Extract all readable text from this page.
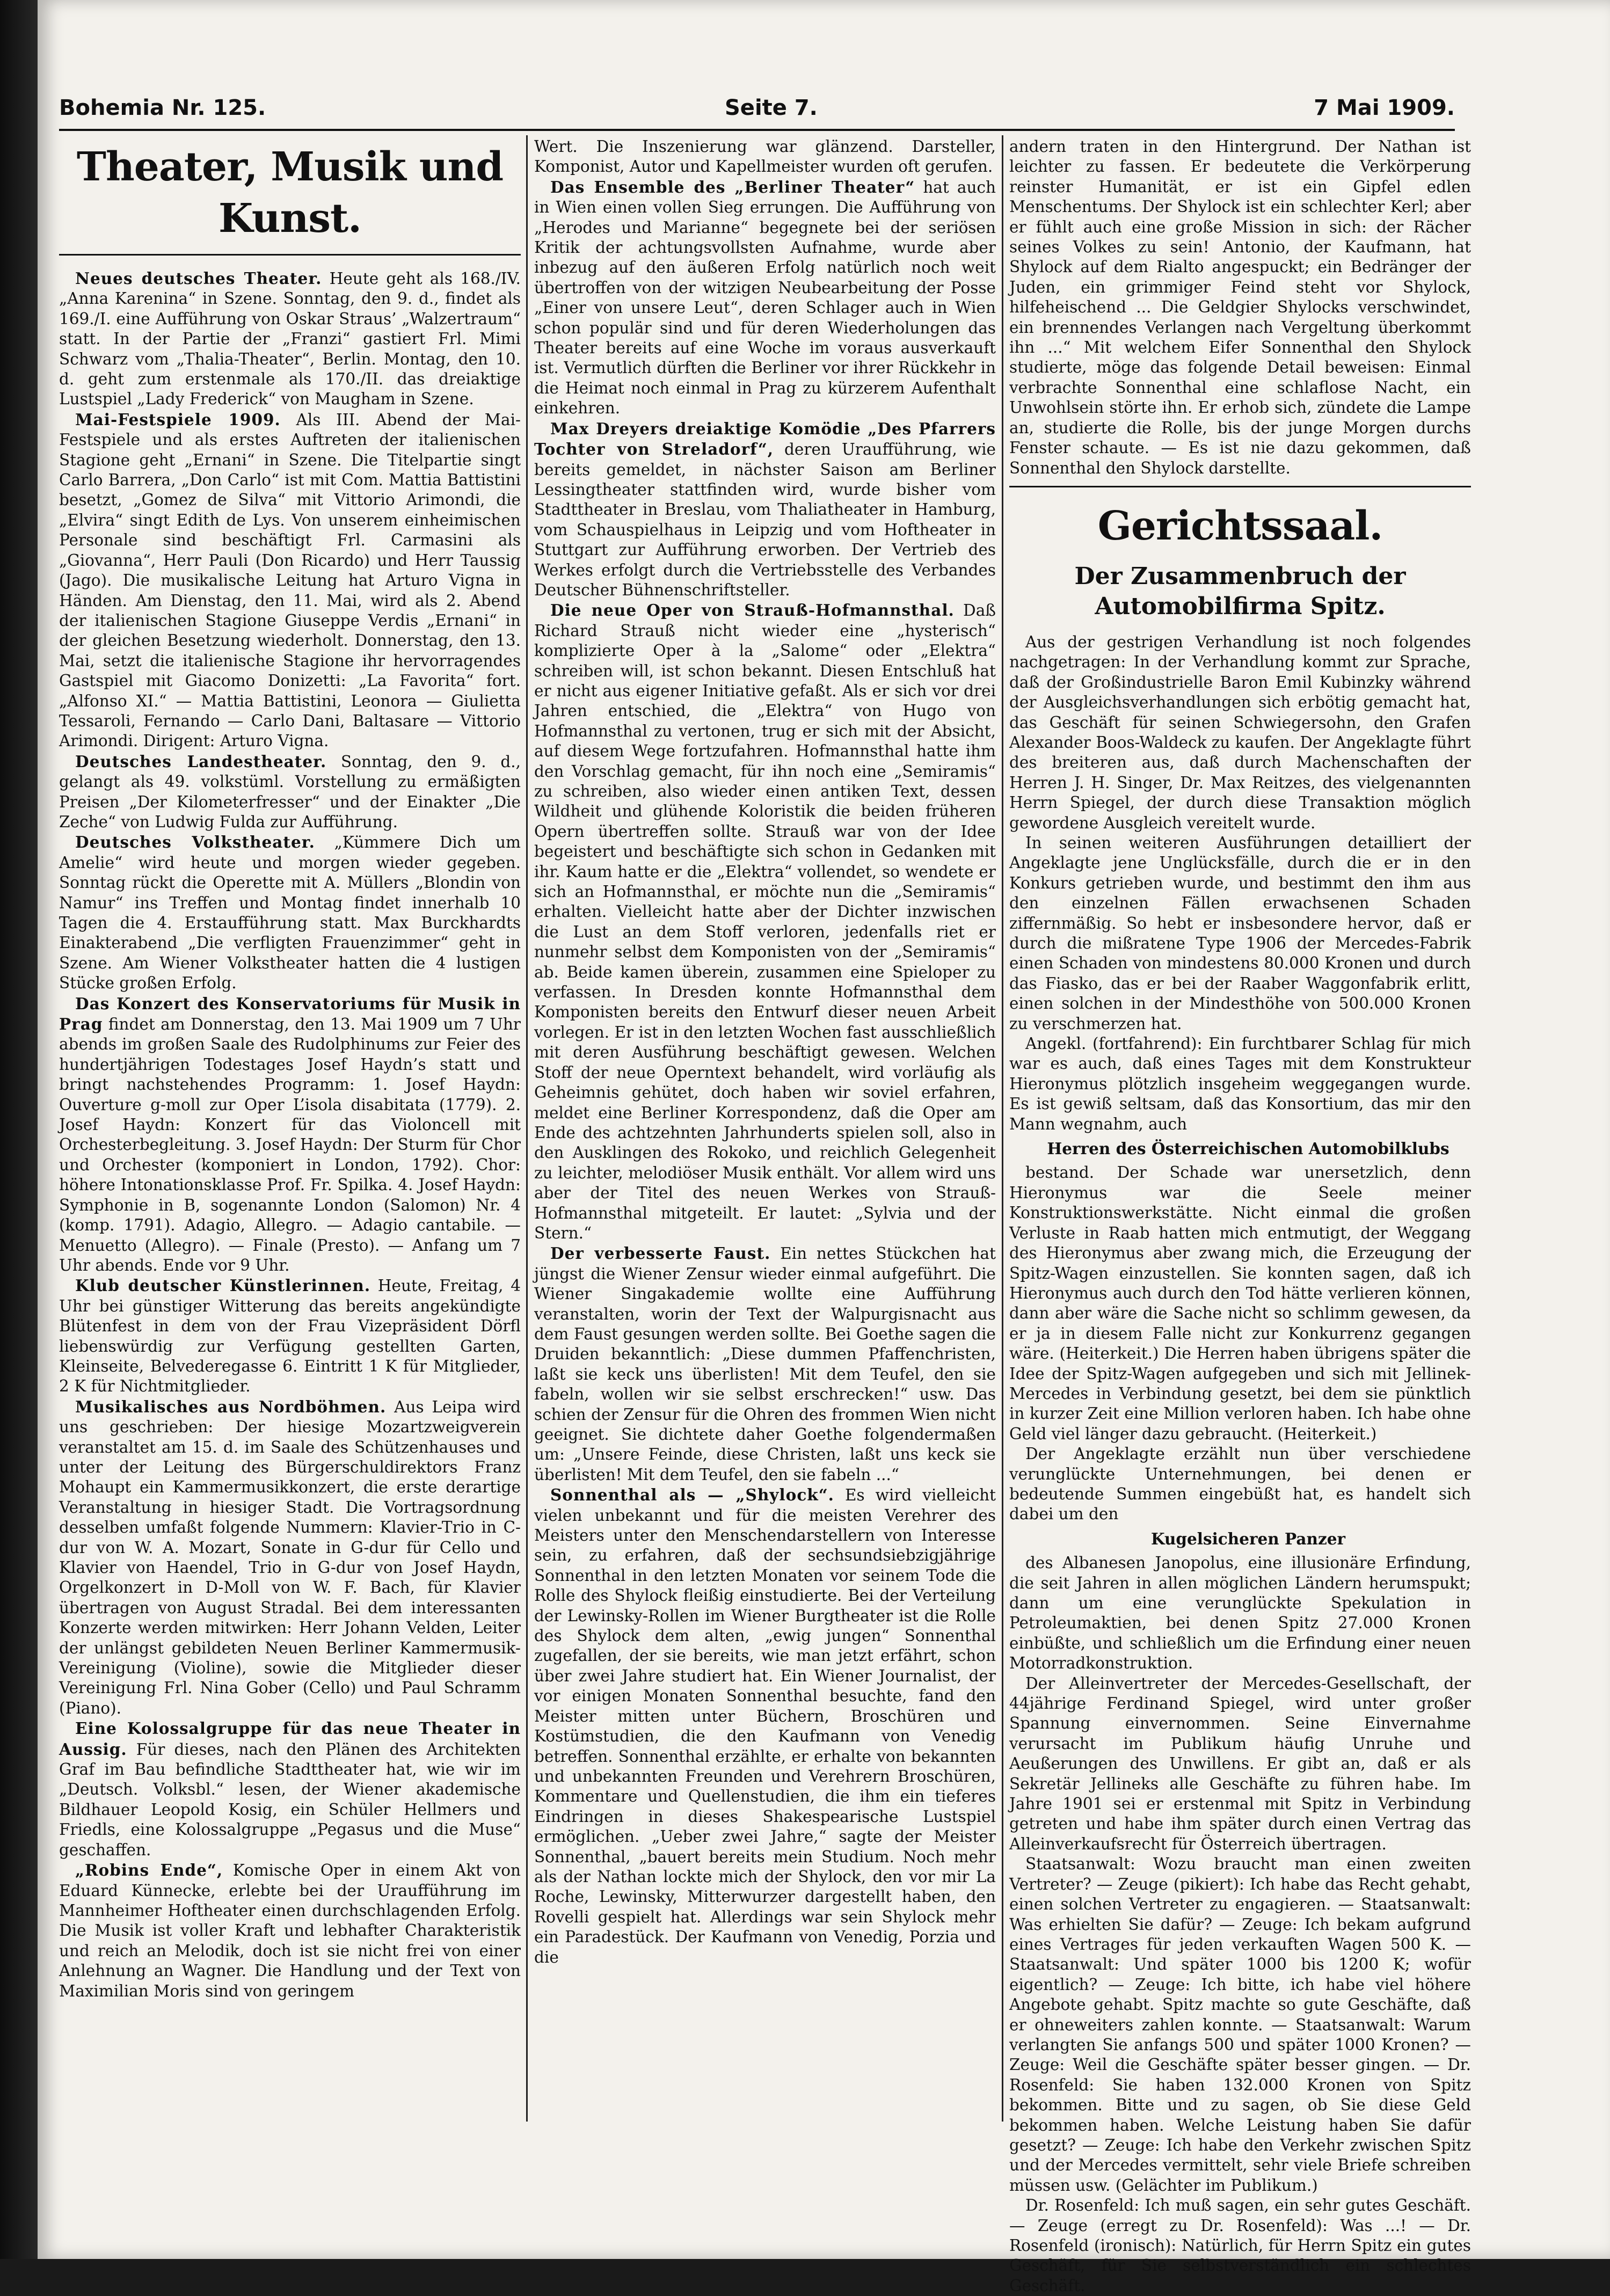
Bohemia Nr. 125.	Seite 7.	7 Mai 1909.
Theater, Musik und Kunst.

Neues deutsches Theater. Heute geht als 168./IV. „Anna Karenina“ in Szene. Sonntag, den 9. d., findet als 169./I. eine Aufführung von Oskar Straus’ „Walzertraum“ statt. In der Partie der „Franzi“ gastiert Frl. Mimi Schwarz vom „Thalia-Theater“, Berlin. Montag, den 10. d. geht zum erstenmale als 170./II. das dreiaktige Lustspiel „Lady Frederick“ von Maugham in Szene.

Mai-Festspiele 1909. Als III. Abend der Mai-Festspiele und als erstes Auftreten der italienischen Stagione geht „Ernani“ in Szene. Die Titelpartie singt Carlo Barrera, „Don Carlo“ ist mit Com. Mattia Battistini besetzt, „Gomez de Silva“ mit Vittorio Arimondi, die „Elvira“ singt Edith de Lys. Von unserem einheimischen Personale sind beschäftigt Frl. Carmasini als „Giovanna“, Herr Pauli (Don Ricardo) und Herr Taussig (Jago). Die musikalische Leitung hat Arturo Vigna in Händen. Am Dienstag, den 11. Mai, wird als 2. Abend der italienischen Stagione Giuseppe Verdis „Ernani“ in der gleichen Besetzung wiederholt. Donnerstag, den 13. Mai, setzt die italienische Stagione ihr hervorragendes Gastspiel mit Giacomo Donizetti: „La Favorita“ fort. „Alfonso XI.“ — Mattia Battistini, Leonora — Giulietta Tessaroli, Fernando — Carlo Dani, Baltasare — Vittorio Arimondi. Dirigent: Arturo Vigna.

Deutsches Landestheater. Sonntag, den 9. d., gelangt als 49. volkstüml. Vorstellung zu ermäßigten Preisen „Der Kilometerfresser“ und der Einakter „Die Zeche“ von Ludwig Fulda zur Aufführung.

Deutsches Volkstheater. „Kümmere Dich um Amelie“ wird heute und morgen wieder gegeben. Sonntag rückt die Operette mit A. Müllers „Blondin von Namur“ ins Treffen und Montag findet innerhalb 10 Tagen die 4. Erstaufführung statt. Max Burckhardts Einakterabend „Die verfligten Frauenzimmer“ geht in Szene. Am Wiener Volkstheater hatten die 4 lustigen Stücke großen Erfolg.

Das Konzert des Konservatoriums für Musik in Prag findet am Donnerstag, den 13. Mai 1909 um 7 Uhr abends im großen Saale des Rudolphinums zur Feier des hundertjährigen Todestages Josef Haydn’s statt und bringt nachstehendes Programm: 1. Josef Haydn: Ouverture g-moll zur Oper L’isola disabitata (1779). 2. Josef Haydn: Konzert für das Violoncell mit Orchesterbegleitung. 3. Josef Haydn: Der Sturm für Chor und Orchester (komponiert in London, 1792). Chor: höhere Intonationsklasse Prof. Fr. Spilka. 4. Josef Haydn: Symphonie in B, sogenannte London (Salomon) Nr. 4 (komp. 1791). Adagio, Allegro. — Adagio cantabile. — Menuetto (Allegro). — Finale (Presto). — Anfang um 7 Uhr abends. Ende vor 9 Uhr.

Klub deutscher Künstlerinnen. Heute, Freitag, 4 Uhr bei günstiger Witterung das bereits angekündigte Blütenfest in dem von der Frau Vizepräsident Dörfl liebenswürdig zur Verfügung gestellten Garten, Kleinseite, Belvederegasse 6. Eintritt 1 K für Mitglieder, 2 K für Nichtmitglieder.

Musikalisches aus Nordböhmen. Aus Leipa wird uns geschrieben: Der hiesige Mozartzweigverein veranstaltet am 15. d. im Saale des Schützenhauses und unter der Leitung des Bürgerschuldirektors Franz Mohaupt ein Kammermusikkonzert, die erste derartige Veranstaltung in hiesiger Stadt. Die Vortragsordnung desselben umfaßt folgende Nummern: Klavier-Trio in C-dur von W. A. Mozart, Sonate in G-dur für Cello und Klavier von Haendel, Trio in G-dur von Josef Haydn, Orgelkonzert in D-Moll von W. F. Bach, für Klavier übertragen von August Stradal. Bei dem interessanten Konzerte werden mitwirken: Herr Johann Velden, Leiter der unlängst gebildeten Neuen Berliner Kammermusik-Vereinigung (Violine), sowie die Mitglieder dieser Vereinigung Frl. Nina Gober (Cello) und Paul Schramm (Piano).

Eine Kolossalgruppe für das neue Theater in Aussig. Für dieses, nach den Plänen des Architekten Graf im Bau befindliche Stadttheater hat, wie wir im „Deutsch. Volksbl.“ lesen, der Wiener akademische Bildhauer Leopold Kosig, ein Schüler Hellmers und Friedls, eine Kolossalgruppe „Pegasus und die Muse“ geschaffen.

„Robins Ende“, Komische Oper in einem Akt von Eduard Künnecke, erlebte bei der Uraufführung im Mannheimer Hoftheater einen durchschlagenden Erfolg. Die Musik ist voller Kraft und lebhafter Charakteristik und reich an Melodik, doch ist sie nicht frei von einer Anlehnung an Wagner. Die Handlung und der Text von Maximilian Moris sind von geringem

Wert. Die Inszenierung war glänzend. Darsteller, Komponist, Autor und Kapellmeister wurden oft gerufen.

Das Ensemble des „Berliner Theater“ hat auch in Wien einen vollen Sieg errungen. Die Aufführung von „Herodes und Marianne“ begegnete bei der seriösen Kritik der achtungsvollsten Aufnahme, wurde aber inbezug auf den äußeren Erfolg natürlich noch weit übertroffen von der witzigen Neubearbeitung der Posse „Einer von unsere Leut“, deren Schlager auch in Wien schon populär sind und für deren Wiederholungen das Theater bereits auf eine Woche im voraus ausverkauft ist. Vermutlich dürften die Berliner vor ihrer Rückkehr in die Heimat noch einmal in Prag zu kürzerem Aufenthalt einkehren.

Max Dreyers dreiaktige Komödie „Des Pfarrers Tochter von Streladorf“, deren Uraufführung, wie bereits gemeldet, in nächster Saison am Berliner Lessingtheater stattfinden wird, wurde bisher vom Stadttheater in Breslau, vom Thaliatheater in Hamburg, vom Schauspielhaus in Leipzig und vom Hoftheater in Stuttgart zur Aufführung erworben. Der Vertrieb des Werkes erfolgt durch die Vertriebsstelle des Verbandes Deutscher Bühnenschriftsteller.

Die neue Oper von Strauß-Hofmannsthal. Daß Richard Strauß nicht wieder eine „hysterisch“ komplizierte Oper à la „Salome“ oder „Elektra“ schreiben will, ist schon bekannt. Diesen Entschluß hat er nicht aus eigener Initiative gefaßt. Als er sich vor drei Jahren entschied, die „Elektra“ von Hugo von Hofmannsthal zu vertonen, trug er sich mit der Absicht, auf diesem Wege fortzufahren. Hofmannsthal hatte ihm den Vorschlag gemacht, für ihn noch eine „Semiramis“ zu schreiben, also wieder einen antiken Text, dessen Wildheit und glühende Koloristik die beiden früheren Opern übertreffen sollte. Strauß war von der Idee begeistert und beschäftigte sich schon in Gedanken mit ihr. Kaum hatte er die „Elektra“ vollendet, so wendete er sich an Hofmannsthal, er möchte nun die „Semiramis“ erhalten. Vielleicht hatte aber der Dichter inzwischen die Lust an dem Stoff verloren, jedenfalls riet er nunmehr selbst dem Komponisten von der „Semiramis“ ab. Beide kamen überein, zusammen eine Spieloper zu verfassen. In Dresden konnte Hofmannsthal dem Komponisten bereits den Entwurf dieser neuen Arbeit vorlegen. Er ist in den letzten Wochen fast ausschließlich mit deren Ausführung beschäftigt gewesen. Welchen Stoff der neue Operntext behandelt, wird vorläufig als Geheimnis gehütet, doch haben wir soviel erfahren, meldet eine Berliner Korrespondenz, daß die Oper am Ende des achtzehnten Jahrhunderts spielen soll, also in den Ausklingen des Rokoko, und reichlich Gelegenheit zu leichter, melodiöser Musik enthält. Vor allem wird uns aber der Titel des neuen Werkes von Strauß-Hofmannsthal mitgeteilt. Er lautet: „Sylvia und der Stern.“

Der verbesserte Faust. Ein nettes Stückchen hat jüngst die Wiener Zensur wieder einmal aufgeführt. Die Wiener Singakademie wollte eine Aufführung veranstalten, worin der Text der Walpurgisnacht aus dem Faust gesungen werden sollte. Bei Goethe sagen die Druiden bekanntlich: „Diese dummen Pfaffenchristen, laßt sie keck uns überlisten! Mit dem Teufel, den sie fabeln, wollen wir sie selbst erschrecken!“ usw. Das schien der Zensur für die Ohren des frommen Wien nicht geeignet. Sie dichtete daher Goethe folgendermaßen um: „Unsere Feinde, diese Christen, laßt uns keck sie überlisten! Mit dem Teufel, den sie fabeln ...“

Sonnenthal als — „Shylock“. Es wird vielleicht vielen unbekannt und für die meisten Verehrer des Meisters unter den Menschendarstellern von Interesse sein, zu erfahren, daß der sechsundsiebzigjährige Sonnenthal in den letzten Monaten vor seinem Tode die Rolle des Shylock fleißig einstudierte. Bei der Verteilung der Lewinsky-Rollen im Wiener Burgtheater ist die Rolle des Shylock dem alten, „ewig jungen“ Sonnenthal zugefallen, der sie bereits, wie man jetzt erfährt, schon über zwei Jahre studiert hat. Ein Wiener Journalist, der vor einigen Monaten Sonnenthal besuchte, fand den Meister mitten unter Büchern, Broschüren und Kostümstudien, die den Kaufmann von Venedig betreffen. Sonnenthal erzählte, er erhalte von bekannten und unbekannten Freunden und Verehrern Broschüren, Kommentare und Quellenstudien, die ihm ein tieferes Eindringen in dieses Shakespearische Lustspiel ermöglichen. „Ueber zwei Jahre,“ sagte der Meister Sonnenthal, „bauert bereits mein Studium. Noch mehr als der Nathan lockte mich der Shylock, den vor mir La Roche, Lewinsky, Mitterwurzer dargestellt haben, den Rovelli gespielt hat. Allerdings war sein Shylock mehr ein Paradestück. Der Kaufmann von Venedig, Porzia und die

andern traten in den Hintergrund. Der Nathan ist leichter zu fassen. Er bedeutete die Verkörperung reinster Humanität, er ist ein Gipfel edlen Menschentums. Der Shylock ist ein schlechter Kerl; aber er fühlt auch eine große Mission in sich: der Rächer seines Volkes zu sein! Antonio, der Kaufmann, hat Shylock auf dem Rialto angespuckt; ein Bedränger der Juden, ein grimmiger Feind steht vor Shylock, hilfeheischend ... Die Geldgier Shylocks verschwindet, ein brennendes Verlangen nach Vergeltung überkommt ihn ...“ Mit welchem Eifer Sonnenthal den Shylock studierte, möge das folgende Detail beweisen: Einmal verbrachte Sonnenthal eine schlaflose Nacht, ein Unwohlsein störte ihn. Er erhob sich, zündete die Lampe an, studierte die Rolle, bis der junge Morgen durchs Fenster schaute. — Es ist nie dazu gekommen, daß Sonnenthal den Shylock darstellte.

Gerichtssaal.
Der Zusammenbruch der Automobilfirma Spitz.

Aus der gestrigen Verhandlung ist noch folgendes nachgetragen: In der Verhandlung kommt zur Sprache, daß der Großindustrielle Baron Emil Kubinzky während der Ausgleichsverhandlungen sich erbötig gemacht hat, das Geschäft für seinen Schwiegersohn, den Grafen Alexander Boos-Waldeck zu kaufen. Der Angeklagte führt des breiteren aus, daß durch Machenschaften der Herren J. H. Singer, Dr. Max Reitzes, des vielgenannten Herrn Spiegel, der durch diese Transaktion möglich gewordene Ausgleich vereitelt wurde.

In seinen weiteren Ausführungen detailliert der Angeklagte jene Unglücksfälle, durch die er in den Konkurs getrieben wurde, und bestimmt den ihm aus den einzelnen Fällen erwachsenen Schaden ziffernmäßig. So hebt er insbesondere hervor, daß er durch die mißratene Type 1906 der Mercedes-Fabrik einen Schaden von mindestens 80.000 Kronen und durch das Fiasko, das er bei der Raaber Waggonfabrik erlitt, einen solchen in der Mindesthöhe von 500.000 Kronen zu verschmerzen hat.

Angekl. (fortfahrend): Ein furchtbarer Schlag für mich war es auch, daß eines Tages mit dem Konstrukteur Hieronymus plötzlich insgeheim weggegangen wurde. Es ist gewiß seltsam, daß das Konsortium, das mir den Mann wegnahm, auch

Herren des Österreichischen Automobilklubs

bestand. Der Schade war unersetzlich, denn Hieronymus war die Seele meiner Konstruktionswerkstätte. Nicht einmal die großen Verluste in Raab hatten mich entmutigt, der Weggang des Hieronymus aber zwang mich, die Erzeugung der Spitz-Wagen einzustellen. Sie konnten sagen, daß ich Hieronymus auch durch den Tod hätte verlieren können, dann aber wäre die Sache nicht so schlimm gewesen, da er ja in diesem Falle nicht zur Konkurrenz gegangen wäre. (Heiterkeit.) Die Herren haben übrigens später die Idee der Spitz-Wagen aufgegeben und sich mit Jellinek-Mercedes in Verbindung gesetzt, bei dem sie pünktlich in kurzer Zeit eine Million verloren haben. Ich habe ohne Geld viel länger dazu gebraucht. (Heiterkeit.)

Der Angeklagte erzählt nun über verschiedene verunglückte Unternehmungen, bei denen er bedeutende Summen eingebüßt hat, es handelt sich dabei um den

Kugelsicheren Panzer

des Albanesen Janopolus, eine illusionäre Erfindung, die seit Jahren in allen möglichen Ländern herumspukt; dann um eine verunglückte Spekulation in Petroleumaktien, bei denen Spitz 27.000 Kronen einbüßte, und schließlich um die Erfindung einer neuen Motorradkonstruktion.

Der Alleinvertreter der Mercedes-Gesellschaft, der 44jährige Ferdinand Spiegel, wird unter großer Spannung einvernommen. Seine Einvernahme verursacht im Publikum häufig Unruhe und Aeußerungen des Unwillens. Er gibt an, daß er als Sekretär Jellineks alle Geschäfte zu führen habe. Im Jahre 1901 sei er erstenmal mit Spitz in Verbindung getreten und habe ihm später durch einen Vertrag das Alleinverkaufsrecht für Österreich übertragen.

Staatsanwalt: Wozu braucht man einen zweiten Vertreter? — Zeuge (pikiert): Ich habe das Recht gehabt, einen solchen Vertreter zu engagieren. — Staatsanwalt: Was erhielten Sie dafür? — Zeuge: Ich bekam aufgrund eines Vertrages für jeden verkauften Wagen 500 K. — Staatsanwalt: Und später 1000 bis 1200 K; wofür eigentlich? — Zeuge: Ich bitte, ich habe viel höhere Angebote gehabt. Spitz machte so gute Geschäfte, daß er ohneweiters zahlen konnte. — Staatsanwalt: Warum verlangten Sie anfangs 500 und später 1000 Kronen? — Zeuge: Weil die Geschäfte später besser gingen. — Dr. Rosenfeld: Sie haben 132.000 Kronen von Spitz bekommen. Bitte und zu sagen, ob Sie diese Geld bekommen haben. Welche Leistung haben Sie dafür gesetzt? — Zeuge: Ich habe den Verkehr zwischen Spitz und der Mercedes vermittelt, sehr viele Briefe schreiben müssen usw. (Gelächter im Publikum.)

Dr. Rosenfeld: Ich muß sagen, ein sehr gutes Geschäft. — Zeuge (erregt zu Dr. Rosenfeld): Was ...! — Dr. Rosenfeld (ironisch): Natürlich, für Herrn Spitz ein gutes Geschäft, für Sie selbstverständlich ein schlechtes Geschäft.
